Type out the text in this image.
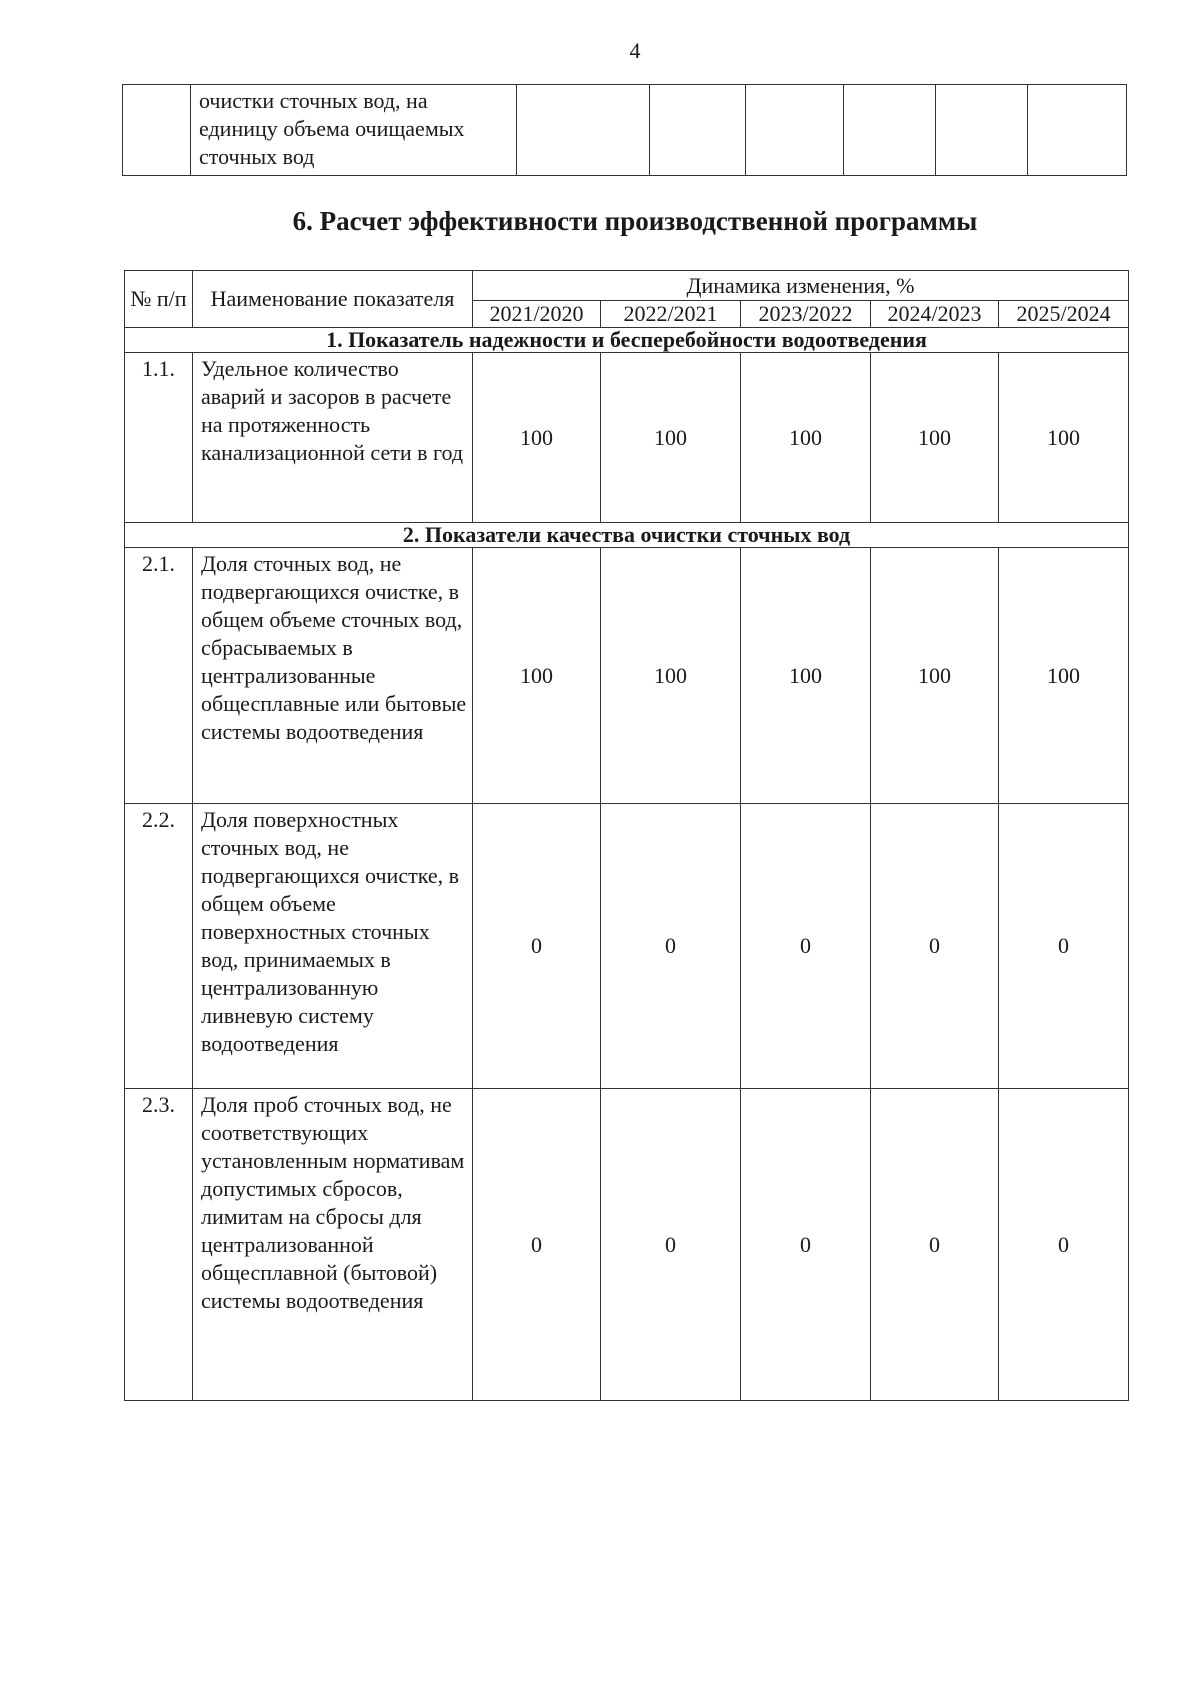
4
	очистки сточных вод, на единицу объема очищаемых сточных вод						
6. Расчет эффективности производственной программы
№ п/п	Наименование показателя	Динамика изменения, %				
		2021/2020	2022/2021	2023/2022	2024/2023	2025/2024
1. Показатель надежности и бесперебойности водоотведения						
1.1.	Удельное количество аварий и засоров в расчете на протяженность канализационной сети в год	100	100	100	100	100
2. Показатели качества очистки сточных вод						
2.1.	Доля сточных вод, не подвергающихся очистке, в общем объеме сточных вод, сбрасываемых в централизованные общесплавные или бытовые системы водоотведения	100	100	100	100	100
2.2.	Доля поверхностных сточных вод, не подвергающихся очистке, в общем объеме поверхностных сточных вод, принимаемых в централизованную ливневую систему водоотведения	0	0	0	0	0
2.3.	Доля проб сточных вод, не соответствующих установленным нормативам допустимых сбросов, лимитам на сбросы для централизованной общесплавной (бытовой) системы водоотведения	0	0	0	0	0
